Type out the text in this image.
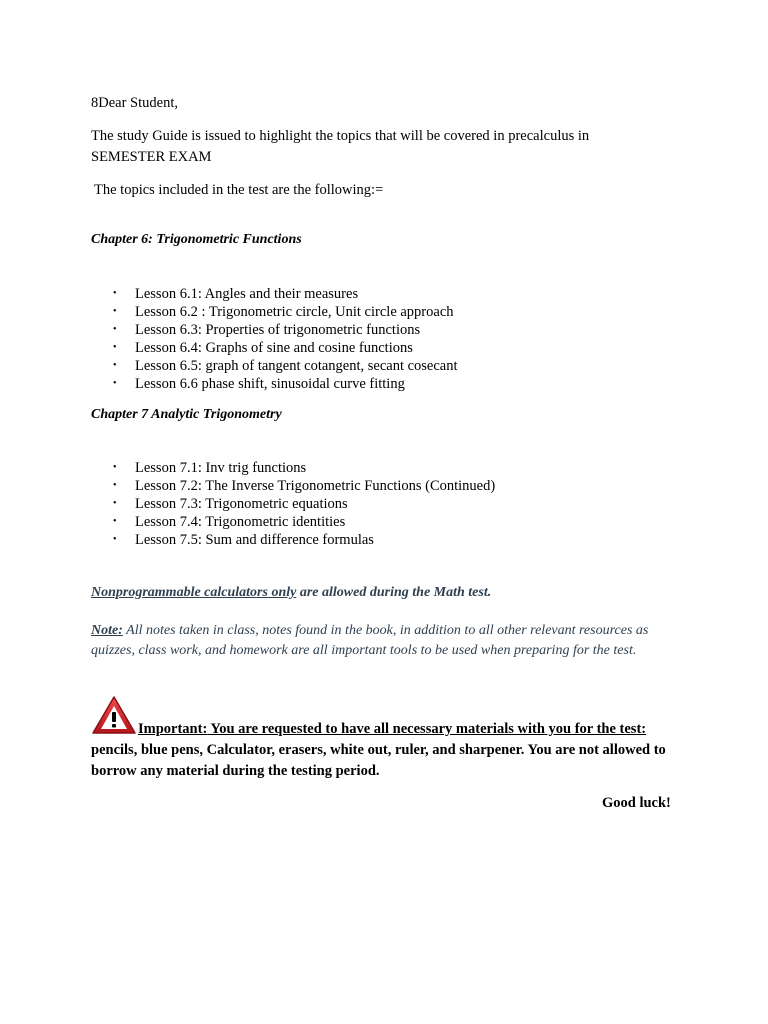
8Dear Student,
The study Guide is issued to highlight the topics that will be covered in precalculus in SEMESTER EXAM
The topics included in the test are the following:=
Chapter 6: Trigonometric Functions
• Lesson 6.1: Angles and their measures
• Lesson 6.2 : Trigonometric circle, Unit circle approach
• Lesson 6.3: Properties of trigonometric functions
• Lesson 6.4: Graphs of sine and cosine functions
• Lesson 6.5: graph of tangent cotangent, secant cosecant
• Lesson 6.6 phase shift, sinusoidal curve fitting
Chapter 7 Analytic Trigonometry
• Lesson 7.1: Inv trig functions
• Lesson 7.2: The Inverse Trigonometric Functions (Continued)
• Lesson 7.3: Trigonometric equations
• Lesson 7.4: Trigonometric identities
• Lesson 7.5: Sum and difference formulas
Nonprogrammable calculators only are allowed during the Math test.
Note: All notes taken in class, notes found in the book, in addition to all other relevant resources as quizzes, class work, and homework are all important tools to be used when preparing for the test.
Important: You are requested to have all necessary materials with you for the test: pencils, blue pens, Calculator, erasers, white out, ruler, and sharpener. You are not allowed to borrow any material during the testing period.
Good luck!
